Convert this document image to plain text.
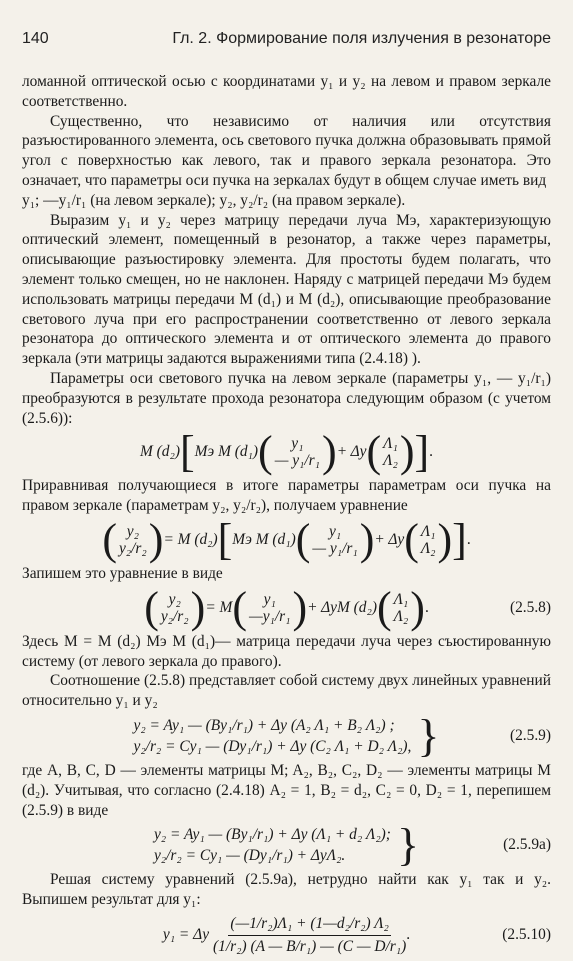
140	Гл. 2. Формирование поля излучения в резонаторе

ломанной оптической осью с координатами y₁ и y₂ на левом и правом зеркале соответственно.

Существенно, что независимо от наличия или отсутствия разъюстированного элемента, ось светового пучка должна образовывать прямой угол с поверхностью как левого, так и правого зеркала резонатора. Это означает, что параметры оси пучка на зеркалах будут в общем случае иметь вид

y₁; —y₁/r₁ (на левом зеркале); y₂, y₂/r₂ (на правом зеркале).

Выразим y₁ и y₂ через матрицу передачи луча Mэ, характеризующую оптический элемент, помещенный в резонатор, а также через параметры, описывающие разъюстировку элемента. Для простоты будем полагать, что элемент только смещен, но не наклонен. Наряду с матрицей передачи Mэ будем использовать матрицы передачи M (d₁) и M (d₂), описывающие преобразование светового луча при его распространении соответственно от левого зеркала резонатора до оптического элемента и от оптического элемента до правого зеркала (эти матрицы задаются выражениями типа (2.4.18) ).

Параметры оси светового пучка на левом зеркале (параметры y₁, — y₁/r₁) преобразуются в результате прохода резонатора следующим образом (с учетом (2.5.6)):

M (d₂) [ Mэ M (d₁) ( y₁
— y₁/r₁ ) + Δy ( Λ₁
Λ₂ ) ] .

Приравнивая получающиеся в итоге параметры параметрам оси пучка на правом зеркале (параметрам y₂, y₂/r₂), получаем уравнение

( y₂
y₂/r₂ ) = M (d₂) [ Mэ M (d₁) ( y₁
— y₁/r₁ ) + Δy ( Λ₁
Λ₂ ) ] .

Запишем это уравнение в виде

( y₂
y₂/r₂ ) = M ( y₁
—y₁/r₁ ) + ΔyM (d₂) ( Λ₁
Λ₂ ) .	(2.5.8)

Здесь M = M (d₂) Mэ M (d₁)— матрица передачи луча через съюстированную систему (от левого зеркала до правого).

Соотношение (2.5.8) представляет собой систему двух линейных уравнений относительно y₁ и y₂

y₂ = Ay₁ — (By₁/r₁) + Δy (A₂ Λ₁ + B₂ Λ₂) ;
y₂/r₂ = Cy₁ — (Dy₁/r₁) + Δy (C₂ Λ₁ + D₂ Λ₂), }	(2.5.9)

где A, B, C, D — элементы матрицы M; A₂, B₂, C₂, D₂ — элементы матрицы M (d₂). Учитывая, что согласно (2.4.18) A₂ = 1, B₂ = d₂, C₂ = 0, D₂ = 1, перепишем (2.5.9) в виде

y₂ = Ay₁ — (By₁/r₁) + Δy (Λ₁ + d₂ Λ₂);
y₂/r₂ = Cy₁ — (Dy₁/r₁) + ΔyΛ₂.	}	(2.5.9a)

Решая систему уравнений (2.5.9а), нетрудно найти как y₁ так и y₂. Выпишем результат для y₁:

y₁ = Δy $\frac{\text{(—1/r₂)Λ₁ + (1—d₂/r₂) Λ₂}}{\text{(1/r₂) (A — B/r₁) — (C — D/r₁)}}$ .	(2.5.10)
